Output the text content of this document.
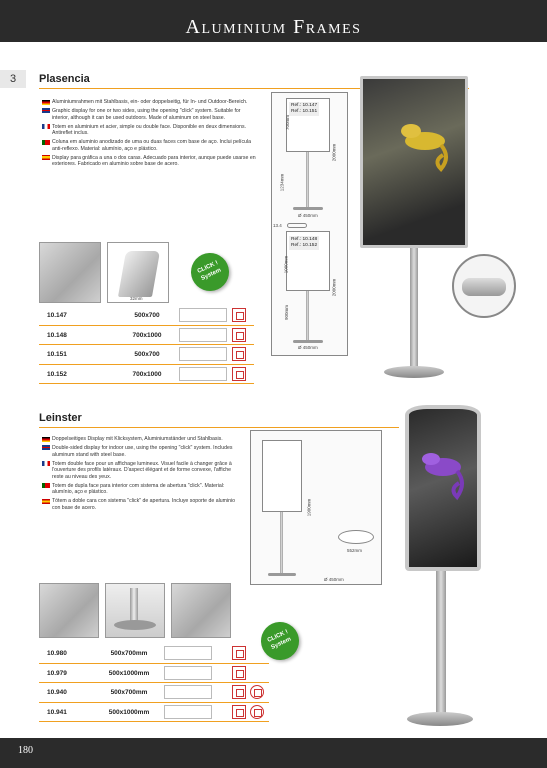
Aluminium Frames
3	Plasencia
Aluminiumrahmen mit Stahlbasis, ein- oder doppelseitig, für In- und Outdoor-Bereich.
Graphic display for one or two sides, using the opening "click" system. Suitable for interior, although it can be used outdoors. Made of aluminum on steel base.
Totem en aluminium et acier, simple ou double face. Disponible en deux dimensions. Antireflet inclus.
Coluna em aluminio anodizado de uma ou duas faces com base de aço. Inclui película anti-reflexo. Material: alumínio, aço e plástico.
Display para gráfica a una o dos caras. Adecuado para interior, aunque puede usarse en exteriores. Fabricado en aluminio sobre base de acero.
Ref.: 10.147
Ref.: 10.151
700mm
1234mm
2000mm
Ø 450mm
13.4
Ref.: 10.148
Ref.: 10.152
1000mm
900mm
2000mm
Ø 450mm
32mm
CLICK ! System
10.147	500x700
10.148	700x1000
10.151	500x700
10.152	700x1000
Leinster
Doppelseitiges Display mit Klicksystem, Aluminiumständer und Stahlbasis.
Double-sided display for indoor use, using the opening "click" system. Includes aluminum stand with steel base.
Totem double face pour un affichage lumineux. Visuel facile à changer grâce à l'ouverture des profils latéraux. D'aspect élégant et de forme convexe, l'affiche reste au niveau des yeux.
Totem de dupla face para interior com sistema de abertura "click". Material: alumínio, aço e plástico.
Tótem a doble cara con sistema "click" de apertura. Incluye soporte de aluminio con base de acero.	1900mm
552mm
Ø 450mm
CLICK ! System
10.980	500x700mm
10.979	500x1000mm
10.940	500x700mm
10.941	500x1000mm
180
